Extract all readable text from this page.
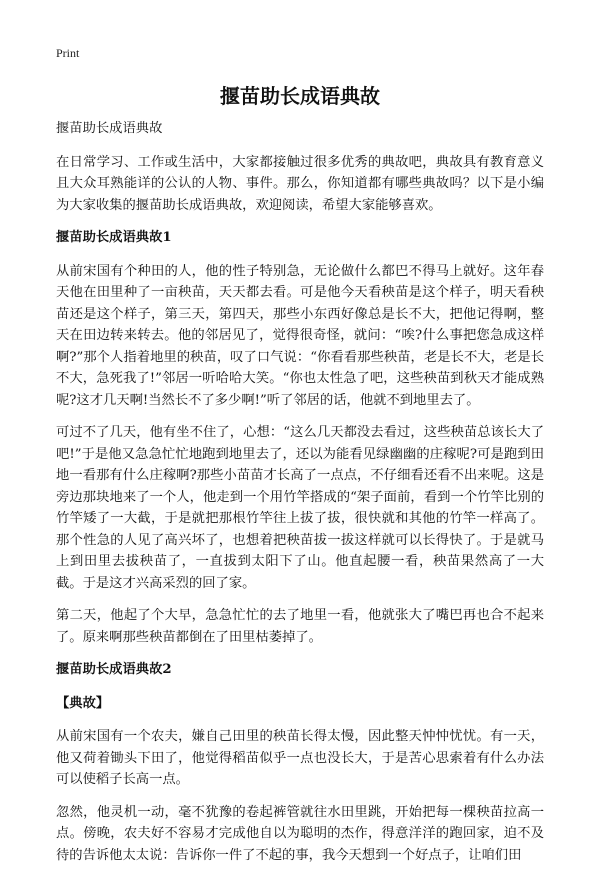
Print
揠苗助长成语典故

揠苗助长成语典故

在日常学习、工作或生活中，大家都接触过很多优秀的典故吧，典故具有教育意义且大众耳熟能详的公认的人物、事件。那么，你知道都有哪些典故吗？以下是小编为大家收集的揠苗助长成语典故，欢迎阅读，希望大家能够喜欢。

揠苗助长成语典故1

从前宋国有个种田的人，他的性子特别急，无论做什么都巴不得马上就好。这年春天他在田里种了一亩秧苗，天天都去看。可是他今天看秧苗是这个样子，明天看秧苗还是这个样子，第三天，第四天，那些小东西好像总是长不大，把他记得啊，整天在田边转来转去。他的邻居见了，觉得很奇怪，就问：“唉?什么事把您急成这样啊?”那个人指着地里的秧苗，叹了口气说：“你看看那些秧苗，老是长不大，老是长不大，急死我了!”邻居一听哈哈大笑。“你也太性急了吧，这些秧苗到秋天才能成熟呢?这才几天啊!当然长不了多少啊!”听了邻居的话，他就不到地里去了。

可过不了几天，他有坐不住了，心想：“这么几天都没去看过，这些秧苗总该长大了吧!”于是他又急急忙忙地跑到地里去了，还以为能看见绿幽幽的庄稼呢?可是跑到田地一看那有什么庄稼啊?那些小苗苗才长高了一点点，不仔细看还看不出来呢。这是旁边那块地来了一个人，他走到一个用竹竿搭成的“架子面前，看到一个竹竿比别的竹竿矮了一大截，于是就把那根竹竿往上拔了拔，很快就和其他的竹竿一样高了。那个性急的人见了高兴坏了，也想着把秧苗拔一拔这样就可以长得快了。于是就马上到田里去拔秧苗了，一直拔到太阳下了山。他直起腰一看，秧苗果然高了一大截。于是这才兴高采烈的回了家。

第二天，他起了个大早，急急忙忙的去了地里一看，他就张大了嘴巴再也合不起来了。原来啊那些秧苗都倒在了田里枯萎掉了。

揠苗助长成语典故2
【典故】

从前宋国有一个农夫，嫌自己田里的秧苗长得太慢，因此整天忡忡忧忧。有一天，他又荷着锄头下田了，他觉得稻苗似乎一点也没长大，于是苦心思索着有什么办法可以使稻子长高一点。

忽然，他灵机一动，毫不犹豫的卷起裤管就往水田里跳，开始把每一棵秧苗拉高一点。傍晚，农夫好不容易才完成他自以为聪明的杰作，得意洋洋的跑回家，迫不及待的告诉他太太说：告诉你一件了不起的事，我今天想到一个好点子，让咱们田
